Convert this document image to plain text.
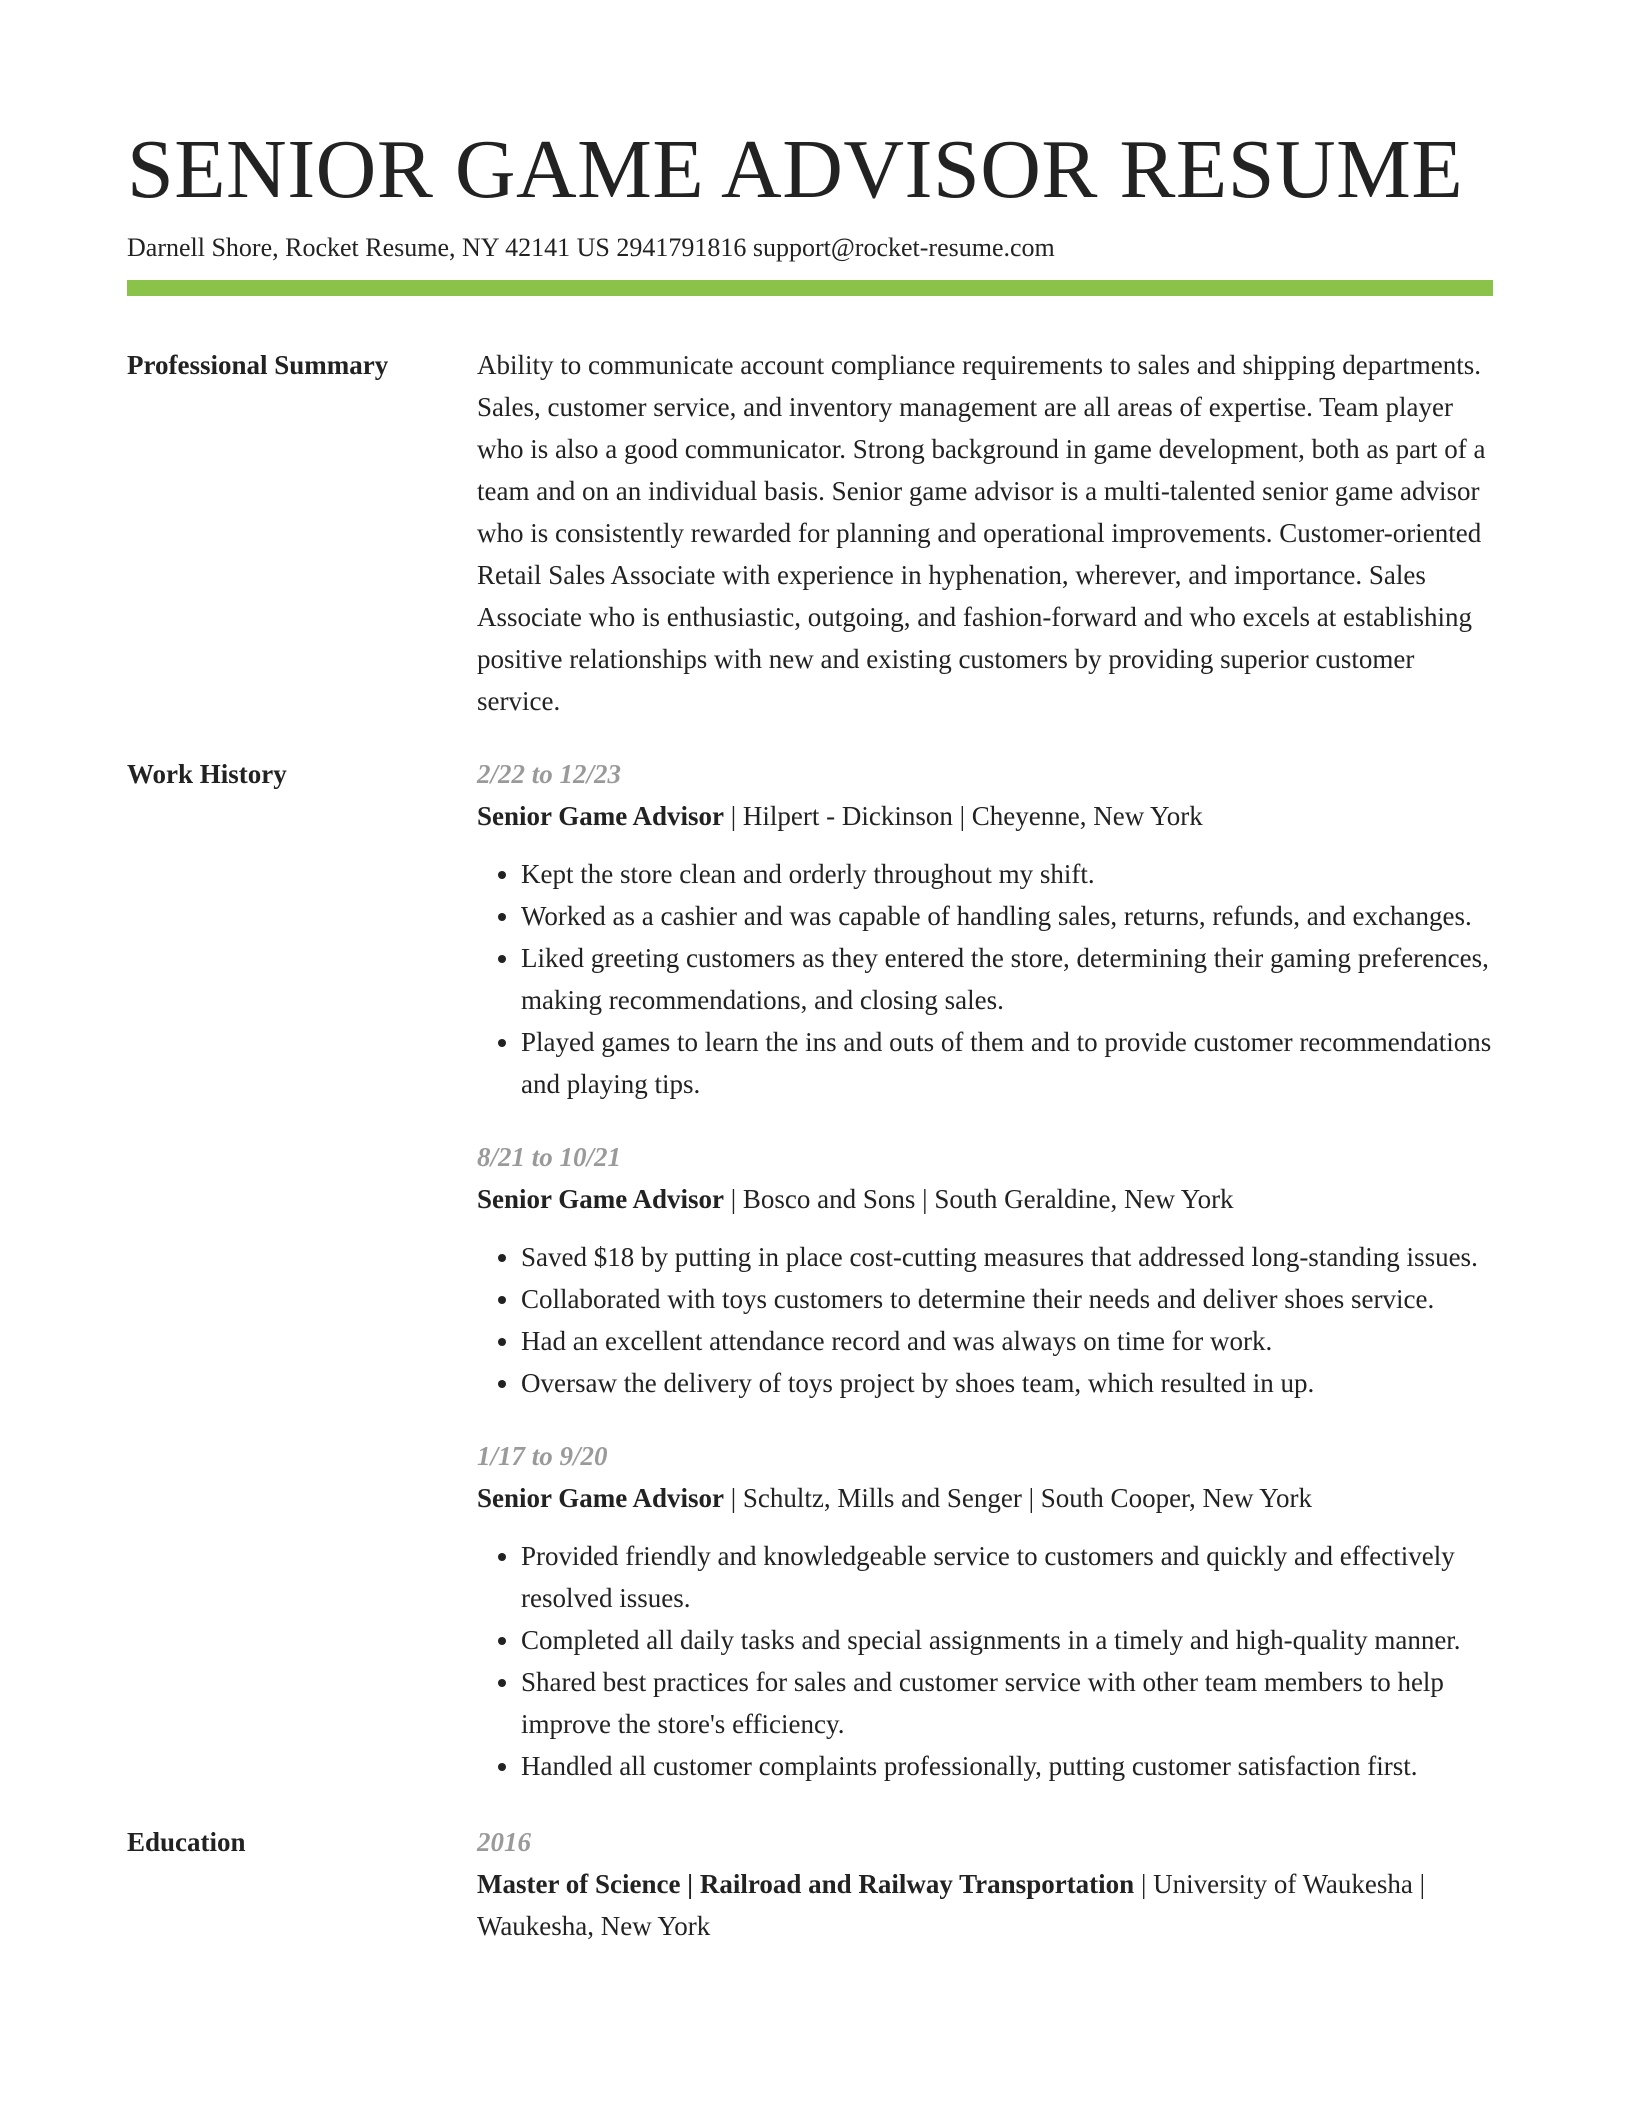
SENIOR GAME ADVISOR RESUME
Darnell Shore, Rocket Resume, NY 42141 US 2941791816 support@rocket-resume.com
Professional Summary	Ability to communicate account compliance requirements to sales and shipping departments. Sales, customer service, and inventory management are all areas of expertise. Team player who is also a good communicator. Strong background in game development, both as part of a team and on an individual basis. Senior game advisor is a multi-talented senior game advisor who is consistently rewarded for planning and operational improvements. Customer-oriented Retail Sales Associate with experience in hyphenation, wherever, and importance. Sales Associate who is enthusiastic, outgoing, and fashion-forward and who excels at establishing positive relationships with new and existing customers by providing superior customer service.

Work History	2/22 to 12/23
Senior Game Advisor | Hilpert - Dickinson | Cheyenne, New York
• Kept the store clean and orderly throughout my shift.
• Worked as a cashier and was capable of handling sales, returns, refunds, and exchanges.
• Liked greeting customers as they entered the store, determining their gaming preferences, making recommendations, and closing sales.
• Played games to learn the ins and outs of them and to provide customer recommendations and playing tips.
8/21 to 10/21
Senior Game Advisor | Bosco and Sons | South Geraldine, New York
• Saved $18 by putting in place cost-cutting measures that addressed long-standing issues.
• Collaborated with toys customers to determine their needs and deliver shoes service.
• Had an excellent attendance record and was always on time for work.
• Oversaw the delivery of toys project by shoes team, which resulted in up.
1/17 to 9/20
Senior Game Advisor | Schultz, Mills and Senger | South Cooper, New York
• Provided friendly and knowledgeable service to customers and quickly and effectively resolved issues.
• Completed all daily tasks and special assignments in a timely and high-quality manner.
• Shared best practices for sales and customer service with other team members to help improve the store's efficiency.
• Handled all customer complaints professionally, putting customer satisfaction first.
Education	2016
Master of Science | Railroad and Railway Transportation | University of Waukesha | Waukesha, New York
